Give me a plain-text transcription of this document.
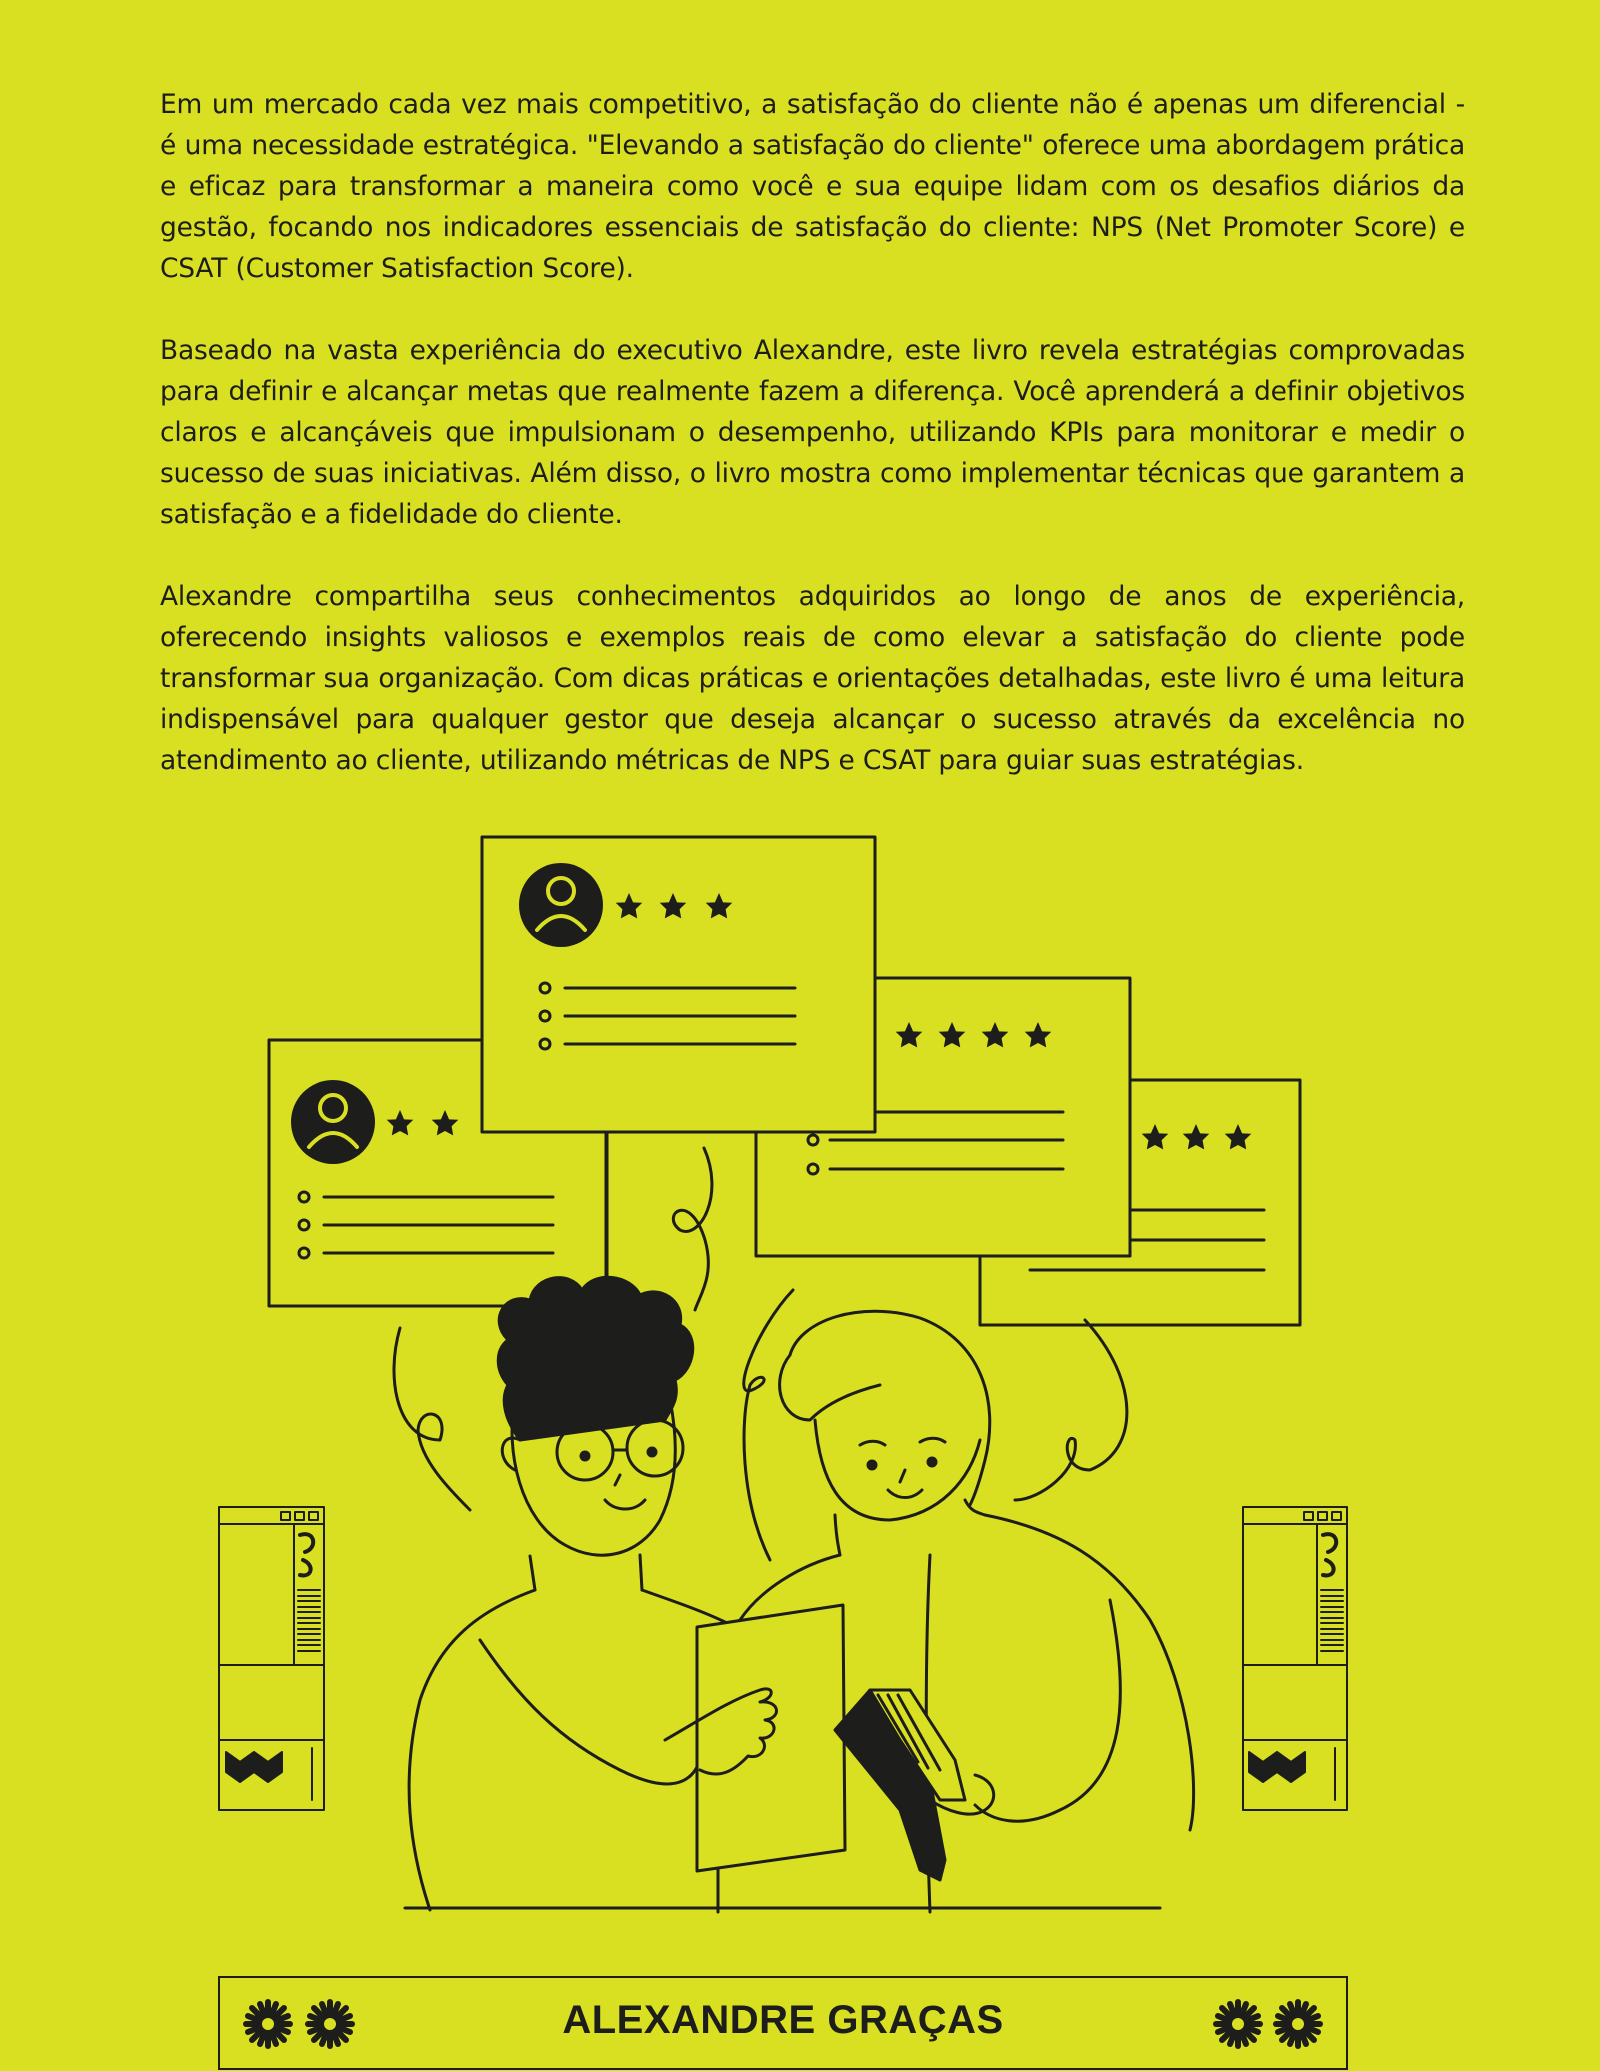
Em um mercado cada vez mais competitivo, a satisfação do cliente não é apenas um diferencial - é uma necessidade estratégica. "Elevando a satisfação do cliente" oferece uma abordagem prática e eficaz para transformar a maneira como você e sua equipe lidam com os desafios diários da gestão, focando nos indicadores essenciais de satisfação do cliente: NPS (Net Promoter Score) e CSAT (Customer Satisfaction Score).

Baseado na vasta experiência do executivo Alexandre, este livro revela estratégias comprovadas para definir e alcançar metas que realmente fazem a diferença. Você aprenderá a definir objetivos claros e alcançáveis que impulsionam o desempenho, utilizando KPIs para monitorar e medir o sucesso de suas iniciativas. Além disso, o livro mostra como implementar técnicas que garantem a satisfação e a fidelidade do cliente.

Alexandre compartilha seus conhecimentos adquiridos ao longo de anos de experiência, oferecendo insights valiosos e exemplos reais de como elevar a satisfação do cliente pode transformar sua organização. Com dicas práticas e orientações detalhadas, este livro é uma leitura indispensável para qualquer gestor que deseja alcançar o sucesso através da excelência no atendimento ao cliente, utilizando métricas de NPS e CSAT para guiar suas estratégias.

ALEXANDRE GRAÇAS
